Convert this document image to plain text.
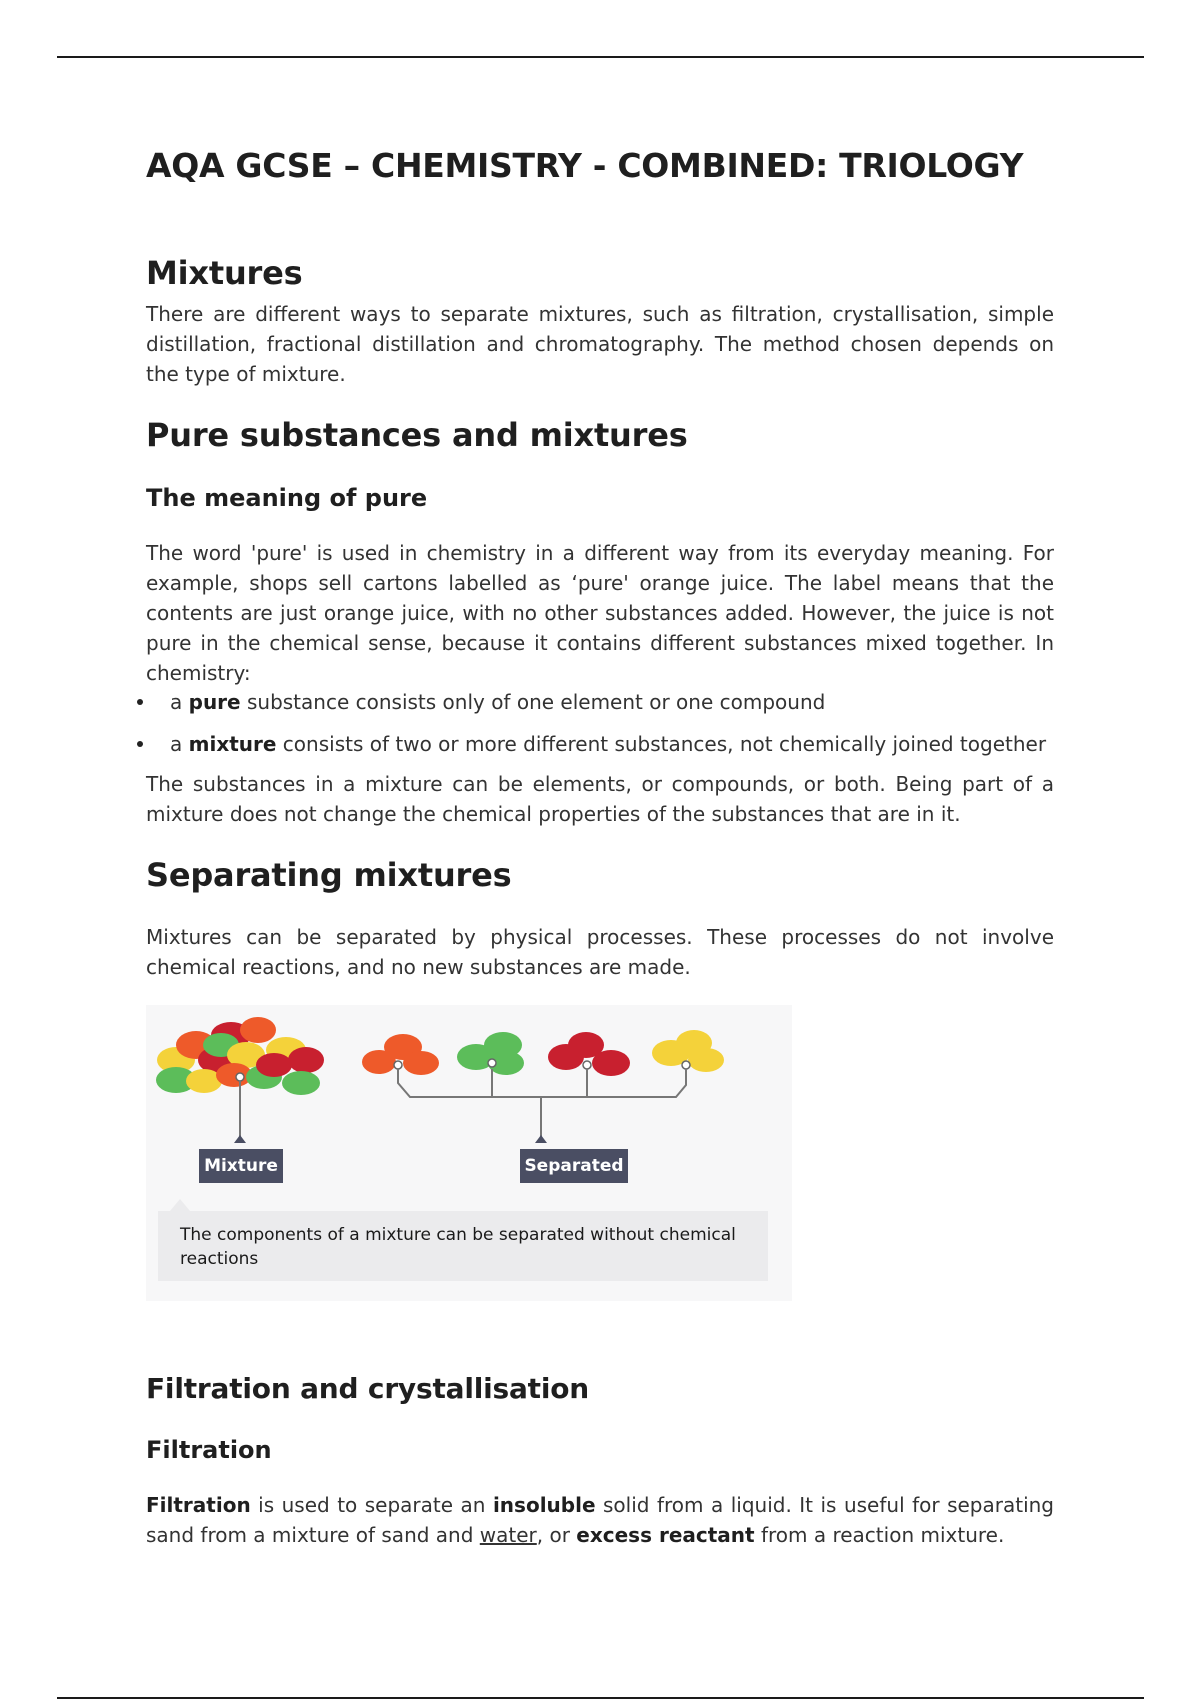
AQA GCSE – CHEMISTRY - COMBINED: TRIOLOGY
Mixtures

There are different ways to separate mixtures, such as filtration, crystallisation, simple distillation, fractional distillation and chromatography. The method chosen depends on the type of mixture.

Pure substances and mixtures
The meaning of pure

The word 'pure' is used in chemistry in a different way from its everyday meaning. For example, shops sell cartons labelled as ‘pure' orange juice. The label means that the contents are just orange juice, with no other substances added. However, the juice is not pure in the chemical sense, because it contains different substances mixed together. In chemistry:

a pure substance consists only of one element or one compound
a mixture consists of two or more different substances, not chemically joined together

The substances in a mixture can be elements, or compounds, or both. Being part of a mixture does not change the chemical properties of the substances that are in it.

Separating mixtures

Mixtures can be separated by physical processes. These processes do not involve chemical reactions, and no new substances are made.

Mixture	Separated
The components of a mixture can be separated without chemical reactions
Filtration and crystallisation
Filtration

Filtration is used to separate an insoluble solid from a liquid. It is useful for separating sand from a mixture of sand and water, or excess reactant from a reaction mixture.
